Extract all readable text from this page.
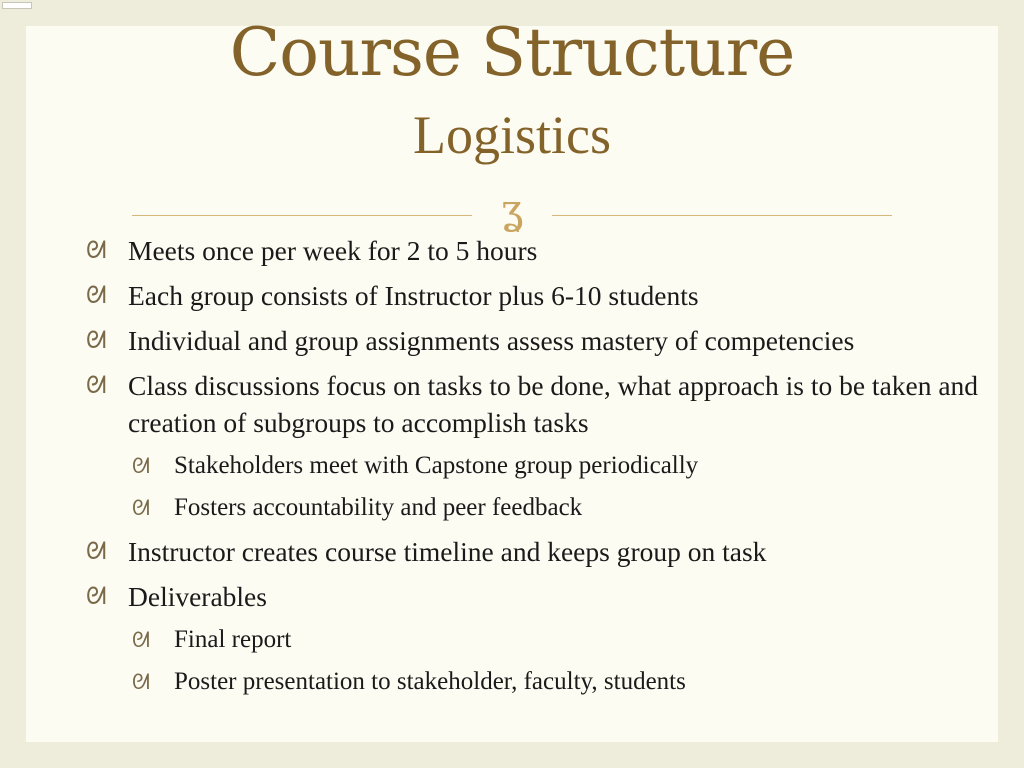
Course Structure
Logistics
ʓ
ᘛ Meets once per week for 2 to 5 hours
ᘛ Each group consists of Instructor plus 6-10 students
ᘛ Individual and group assignments assess mastery of competencies
ᘛ Class discussions focus on tasks to be done, what approach is to be taken and creation of subgroups to accomplish tasks
ᘛ Stakeholders meet with Capstone group periodically
ᘛ Fosters accountability and peer feedback
ᘛ Instructor creates course timeline and keeps group on task
ᘛ Deliverables
ᘛ Final report
ᘛ Poster presentation to stakeholder, faculty, students
